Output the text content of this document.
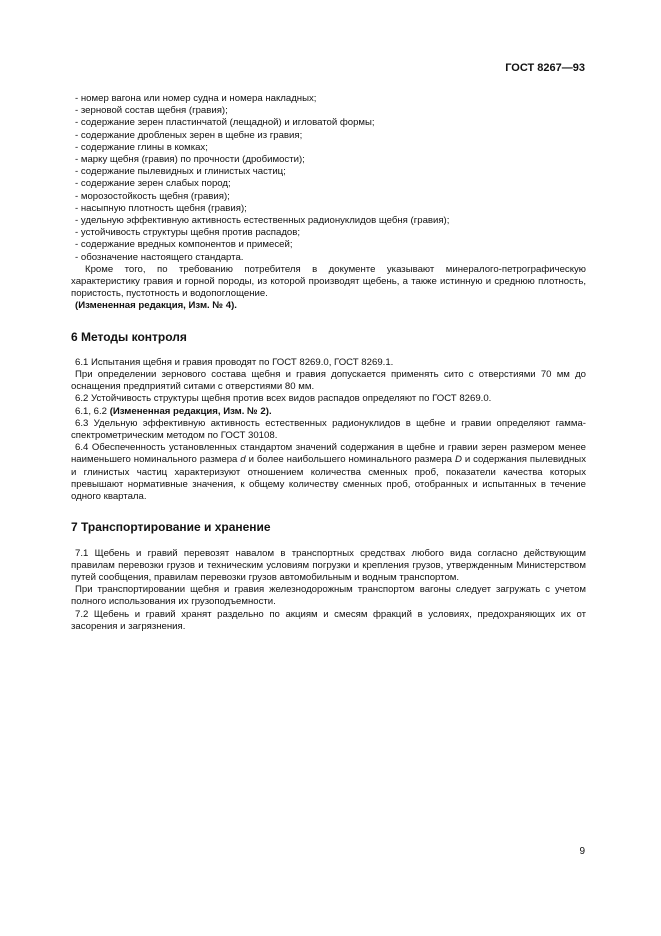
ГОСТ 8267—93
- номер вагона или номер судна и номера накладных;
- зерновой состав щебня (гравия);
- содержание зерен пластинчатой (лещадной) и игловатой формы;
- содержание дробленых зерен в щебне из гравия;
- содержание глины в комках;
- марку щебня (гравия) по прочности (дробимости);
- содержание пылевидных и глинистых частиц;
- содержание зерен слабых пород;
- морозостойкость щебня (гравия);
- насыпную плотность щебня (гравия);
- удельную эффективную активность естественных радионуклидов щебня (гравия);
- устойчивость структуры щебня против распадов;
- содержание вредных компонентов и примесей;
- обозначение настоящего стандарта.

Кроме того, по требованию потребителя в документе указывают минералого-петрографическую характеристику гравия и горной породы, из которой производят щебень, а также истинную и среднюю плотность, пористость, пустотность и водопоглощение.

(Измененная редакция, Изм. № 4).

6 Методы контроля

6.1 Испытания щебня и гравия проводят по ГОСТ 8269.0, ГОСТ 8269.1.

При определении зернового состава щебня и гравия допускается применять сито с отверстиями 70 мм до оснащения предприятий ситами с отверстиями 80 мм.

6.2 Устойчивость структуры щебня против всех видов распадов определяют по ГОСТ 8269.0.

6.1, 6.2 (Измененная редакция, Изм. № 2).

6.3 Удельную эффективную активность естественных радионуклидов в щебне и гравии определяют гамма-спектрометрическим методом по ГОСТ 30108.

6.4 Обеспеченность установленных стандартом значений содержания в щебне и гравии зерен размером менее наименьшего номинального размера d и более наибольшего номинального размера D и содержания пылевидных и глинистых частиц характеризуют отношением количества сменных проб, показатели качества которых превышают нормативные значения, к общему количеству сменных проб, отобранных и испытанных в течение одного квартала.

7 Транспортирование и хранение

7.1 Щебень и гравий перевозят навалом в транспортных средствах любого вида согласно действующим правилам перевозки грузов и техническим условиям погрузки и крепления грузов, утвержденным Министерством путей сообщения, правилам перевозки грузов автомобильным и водным транспортом.

При транспортировании щебня и гравия железнодорожным транспортом вагоны следует загружать с учетом полного использования их грузоподъемности.

7.2 Щебень и гравий хранят раздельно по акциям и смесям фракций в условиях, предохраняющих их от засорения и загрязнения.

9
